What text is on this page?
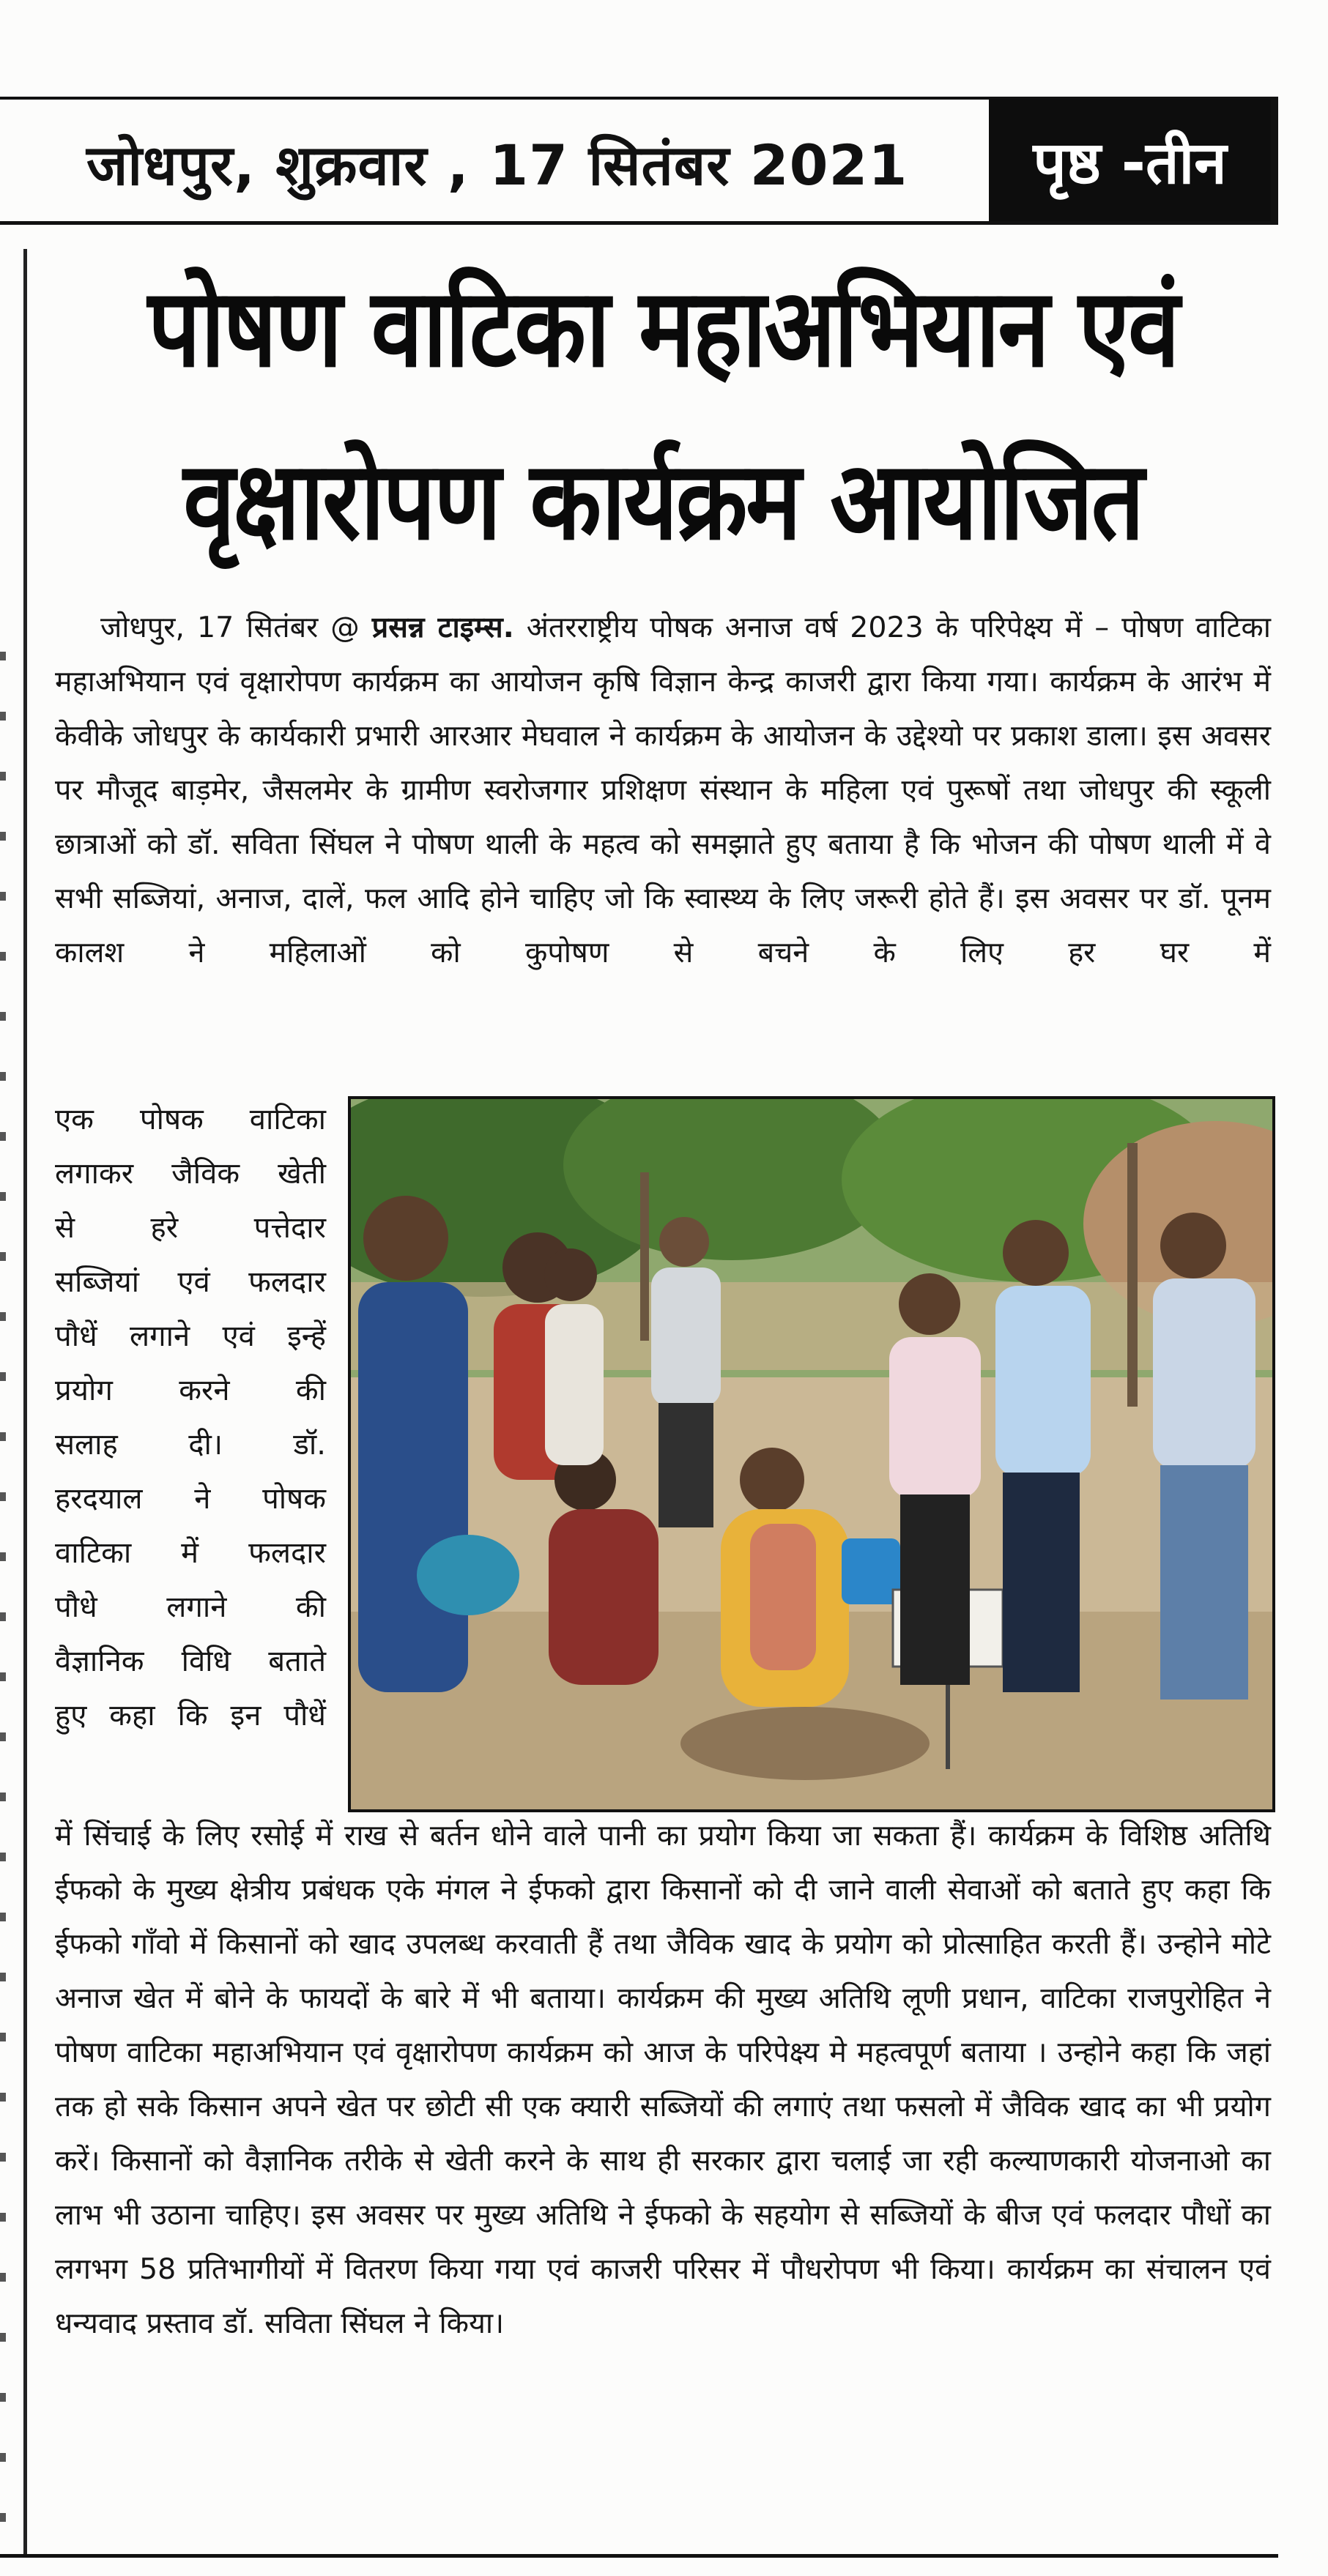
जोधपुर, शुक्रवार , 17 सितंबर 2021	पृष्ठ -तीन
पोषण वाटिका महाअभियान एवं
वृक्षारोपण कार्यक्रम आयोजित

जोधपुर, 17 सितंबर @ प्रसन्न टाइम्स. अंतरराष्ट्रीय पोषक अनाज वर्ष 2023 के परिपेक्ष्य में – पोषण वाटिका महाअभियान एवं वृक्षारोपण कार्यक्रम का आयोजन कृषि विज्ञान केन्द्र काजरी द्वारा किया गया। कार्यक्रम के आरंभ में केवीके जोधपुर के कार्यकारी प्रभारी आरआर मेघवाल ने कार्यक्रम के आयोजन के उद्देश्यो पर प्रकाश डाला। इस अवसर पर मौजूद बाड़मेर, जैसलमेर के ग्रामीण स्वरोजगार प्रशिक्षण संस्थान के महिला एवं पुरूषों तथा जोधपुर की स्कूली छात्राओं को डॉ. सविता सिंघल ने पोषण थाली के महत्व को समझाते हुए बताया है कि भोजन की पोषण थाली में वे सभी सब्जियां, अनाज, दालें, फल आदि होने चाहिए जो कि स्वास्थ्य के लिए जरूरी होते हैं। इस अवसर पर डॉ. पूनम कालश ने महिलाओं को कुपोषण से बचने के लिए हर घर में

एक पोषक वाटिका
लगाकर जैविक खेती
से हरे पत्तेदार
सब्जियां एवं फलदार
पौधें लगाने एवं इन्हें
प्रयोग करने की
सलाह दी। डॉ.
हरदयाल ने पोषक
वाटिका में फलदार
पौधे लगाने की
वैज्ञानिक विधि बताते
हुए कहा कि इन पौधें
में सिंचाई के लिए रसोई में राख से बर्तन धोने वाले पानी का प्रयोग किया जा सकता हैं। कार्यक्रम के विशिष्ठ अतिथि ईफको के मुख्य क्षेत्रीय प्रबंधक एके मंगल ने ईफको द्वारा किसानों को दी जाने वाली सेवाओं को बताते हुए कहा कि ईफको गाँवो में किसानों को खाद उपलब्ध करवाती हैं तथा जैविक खाद के प्रयोग को प्रोत्साहित करती हैं। उन्होने मोटे अनाज खेत में बोने के फायदों के बारे में भी बताया। कार्यक्रम की मुख्य अतिथि लूणी प्रधान, वाटिका राजपुरोहित ने पोषण वाटिका महाअभियान एवं वृक्षारोपण कार्यक्रम को आज के परिपेक्ष्य मे महत्वपूर्ण बताया । उन्होने कहा कि जहां तक हो सके किसान अपने खेत पर छोटी सी एक क्यारी सब्जियों की लगाएं तथा फसलो में जैविक खाद का भी प्रयोग करें। किसानों को वैज्ञानिक तरीके से खेती करने के साथ ही सरकार द्वारा चलाई जा रही कल्याणकारी योजनाओ का लाभ भी उठाना चाहिए। इस अवसर पर मुख्य अतिथि ने ईफको के सहयोग से सब्जियों के बीज एवं फलदार पौधों का लगभग 58 प्रतिभागीयों में वितरण किया गया एवं काजरी परिसर में पौधरोपण भी किया। कार्यक्रम का संचालन एवं धन्यवाद प्रस्ताव डॉ. सविता सिंघल ने किया।
